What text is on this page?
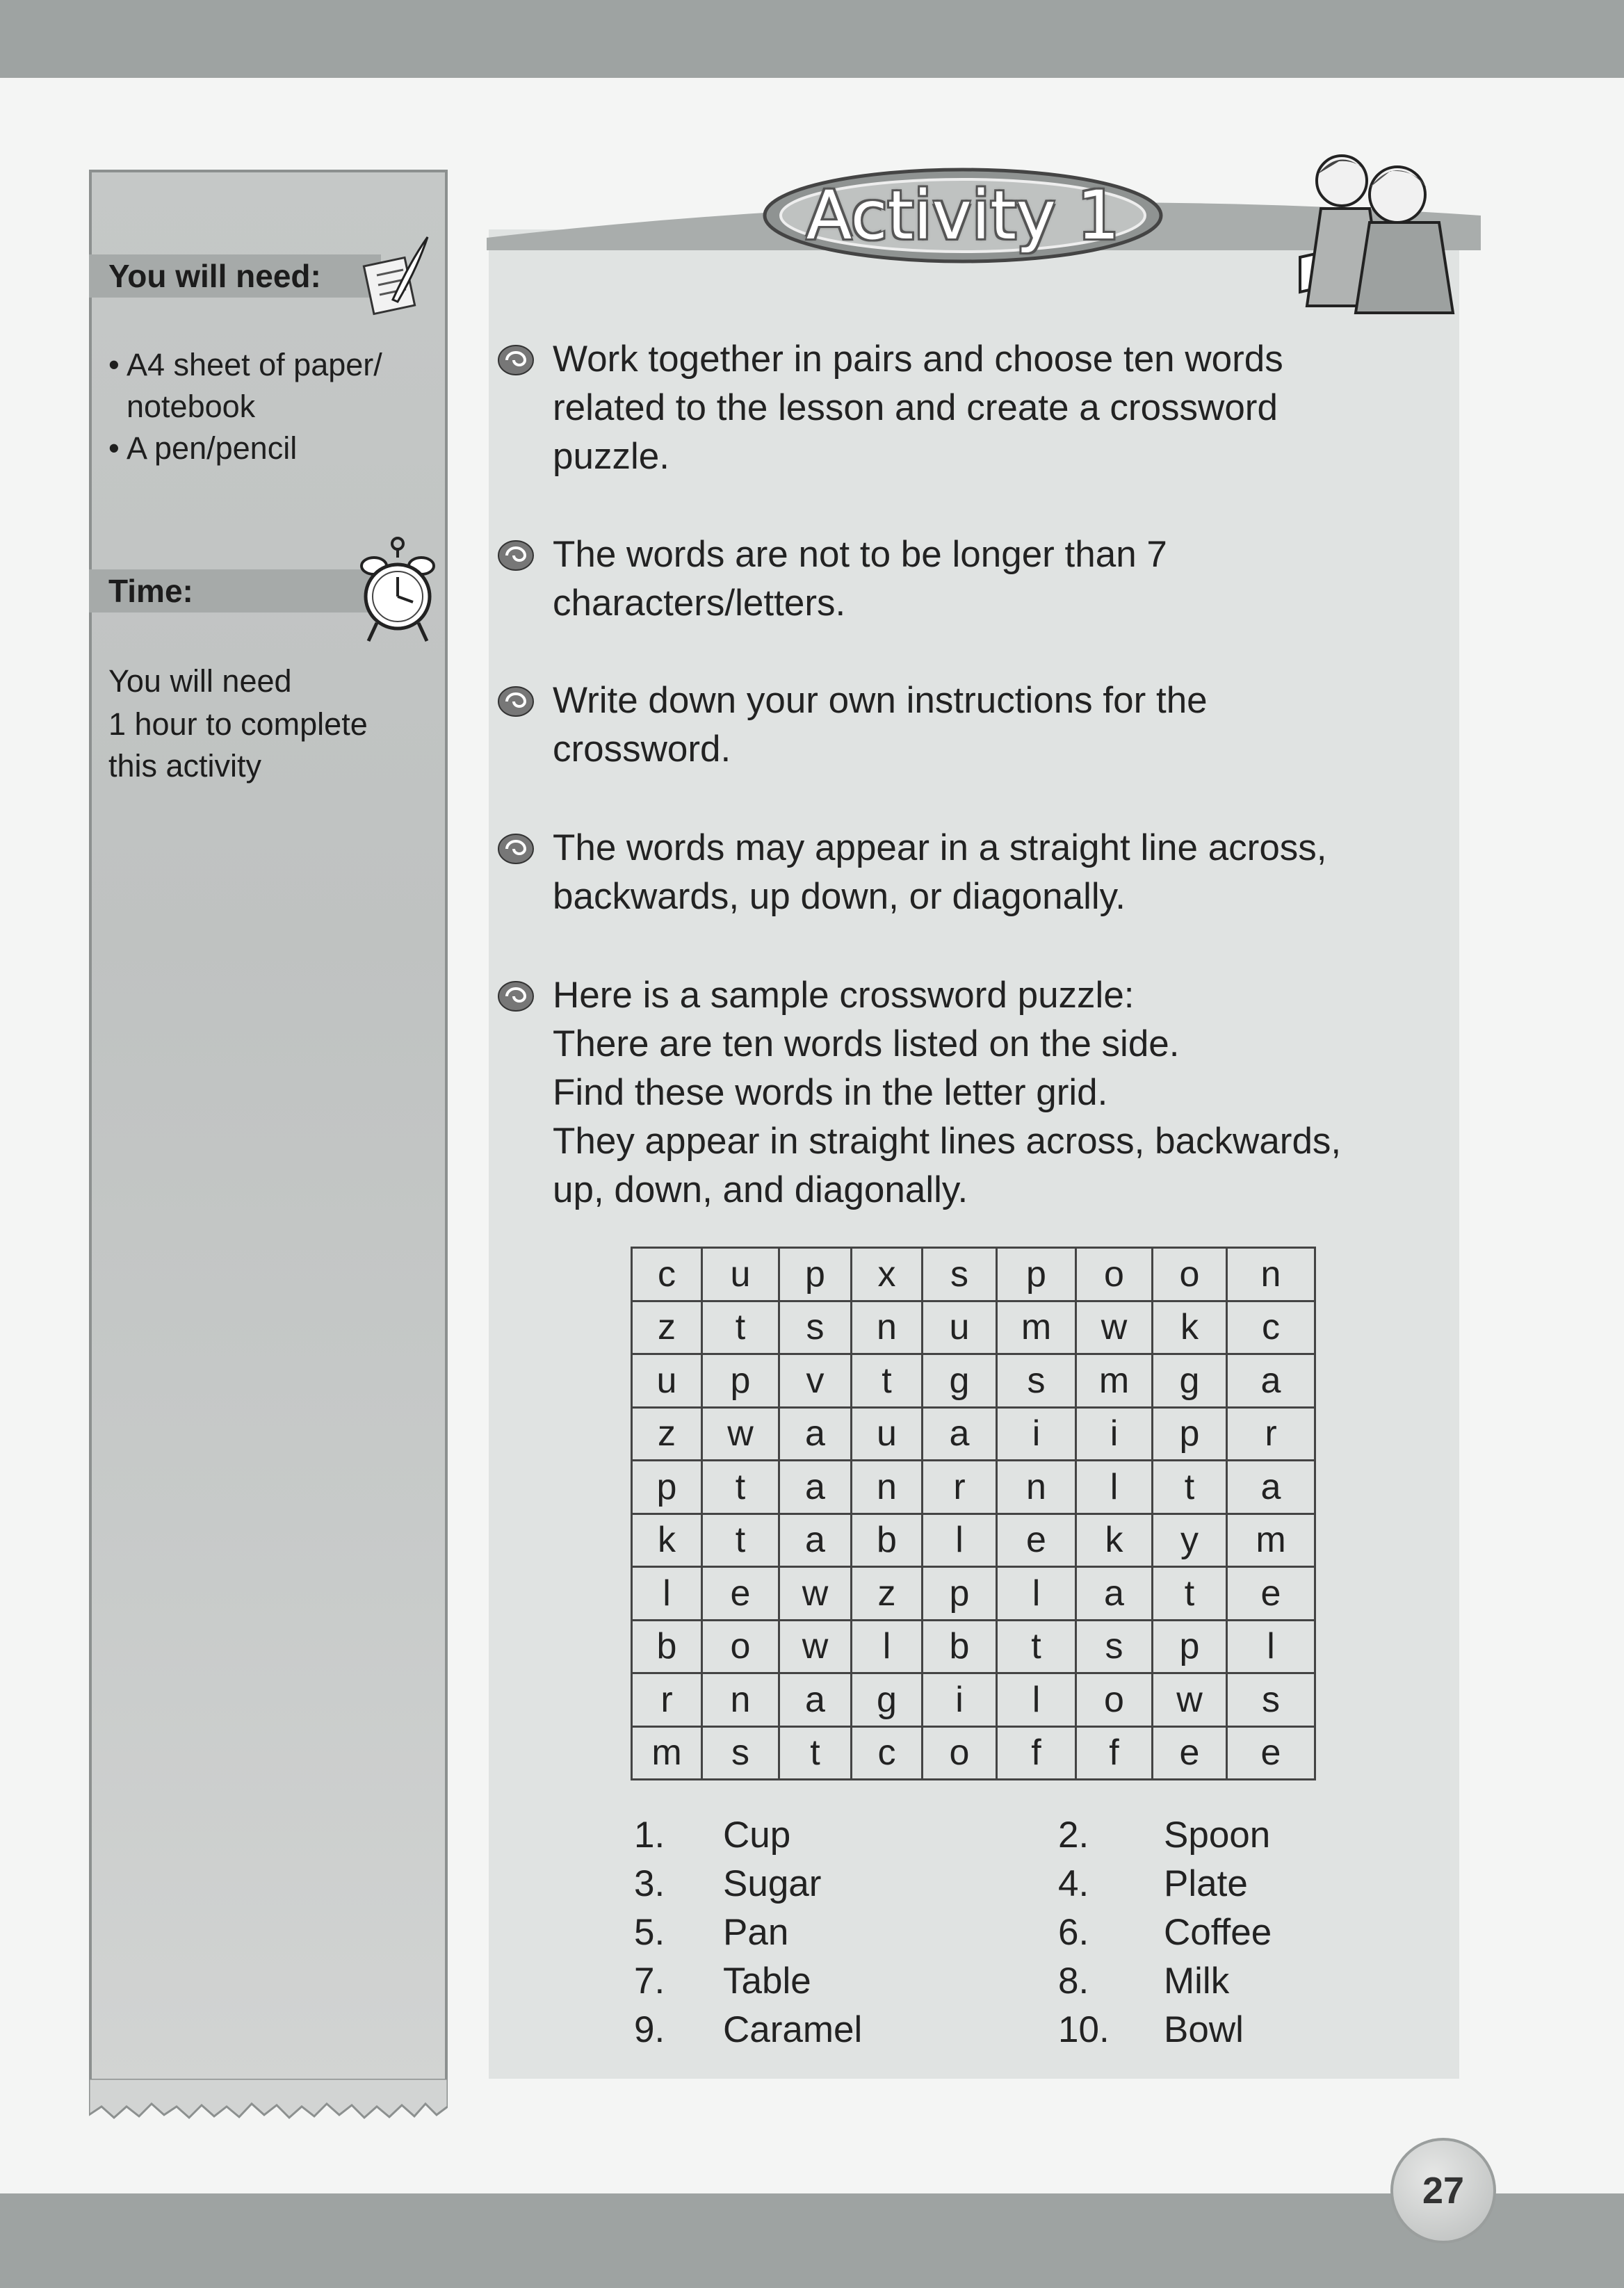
You will need:
• A4 sheet of paper/ notebook
• A pen/pencil
Time:
You will need
1 hour to complete
this activity
Activity 1

Work together in pairs and choose ten words

related to the lesson and create a crossword

puzzle.

The words are not to be longer than 7

characters/letters.

Write down your own instructions for the

crossword.

The words may appear in a straight line across,

backwards, up down, or diagonally.

Here is a sample crossword puzzle:

There are ten words listed on the side.

Find these words in the letter grid.

They appear in straight lines across, backwards,

up, down, and diagonally.

c	u	p	x	s	p	o	o	n
z	t	s	n	u	m	w	k	c
u	p	v	t	g	s	m	g	a
z	w	a	u	a	i	i	p	r
p	t	a	n	r	n	l	t	a
k	t	a	b	l	e	k	y	m
l	e	w	z	p	l	a	t	e
b	o	w	l	b	t	s	p	l
r	n	a	g	i	l	o	w	s
m	s	t	c	o	f	f	e	e
1. Cup	2. Spoon
3. Sugar	4. Plate
5. Pan	6. Coffee
7. Table	8. Milk
9. Caramel	10. Bowl
27
